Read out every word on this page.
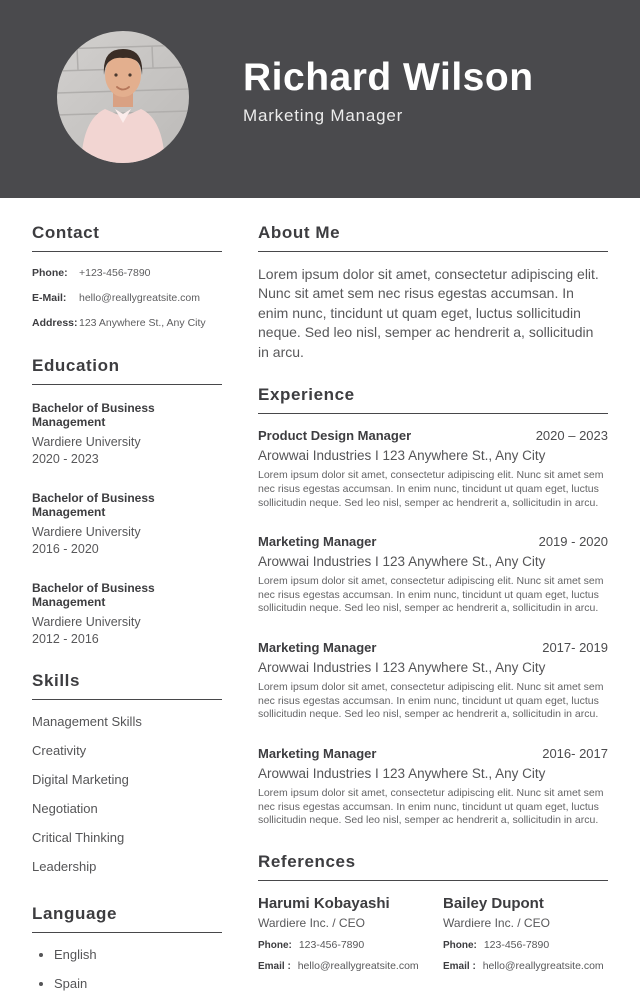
Richard Wilson
Marketing Manager
Contact
Phone:	+123-456-7890
E-Mail:	hello@reallygreatsite.com
Address: 123 Anywhere St., Any City
Education
Bachelor of Business Management
Wardiere University
2020 - 2023
Bachelor of Business Management
Wardiere University
2016 - 2020
Bachelor of Business Management
Wardiere University
2012 - 2016
Skills
Management Skills
Creativity
Digital Marketing
Negotiation
Critical Thinking
Leadership
Language
• English
• Spain
About Me

Lorem ipsum dolor sit amet, consectetur adipiscing elit. Nunc sit amet sem nec risus egestas accumsan. In enim nunc, tincidunt ut quam eget, luctus sollicitudin neque. Sed leo nisl, semper ac hendrerit a, sollicitudin in arcu.

Experience
Product Design Manager	2020 – 2023
Arowwai Industries I 123 Anywhere St., Any City
Lorem ipsum dolor sit amet, consectetur adipiscing elit. Nunc sit amet sem nec risus egestas accumsan. In enim nunc, tincidunt ut quam eget, luctus sollicitudin neque. Sed leo nisl, semper ac hendrerit a, sollicitudin in arcu.
Marketing Manager	2019 - 2020
Arowwai Industries I 123 Anywhere St., Any City
Lorem ipsum dolor sit amet, consectetur adipiscing elit. Nunc sit amet sem nec risus egestas accumsan. In enim nunc, tincidunt ut quam eget, luctus sollicitudin neque. Sed leo nisl, semper ac hendrerit a, sollicitudin in arcu.
Marketing Manager	2017- 2019
Arowwai Industries I 123 Anywhere St., Any City
Lorem ipsum dolor sit amet, consectetur adipiscing elit. Nunc sit amet sem nec risus egestas accumsan. In enim nunc, tincidunt ut quam eget, luctus sollicitudin neque. Sed leo nisl, semper ac hendrerit a, sollicitudin in arcu.
Marketing Manager	2016- 2017
Arowwai Industries I 123 Anywhere St., Any City
Lorem ipsum dolor sit amet, consectetur adipiscing elit. Nunc sit amet sem nec risus egestas accumsan. In enim nunc, tincidunt ut quam eget, luctus sollicitudin neque. Sed leo nisl, semper ac hendrerit a, sollicitudin in arcu.
References
Harumi Kobayashi
Wardiere Inc. / CEO
Phone: 123-456-7890
Email : hello@reallygreatsite.com
Bailey Dupont
Wardiere Inc. / CEO
Phone: 123-456-7890
Email : hello@reallygreatsite.com
